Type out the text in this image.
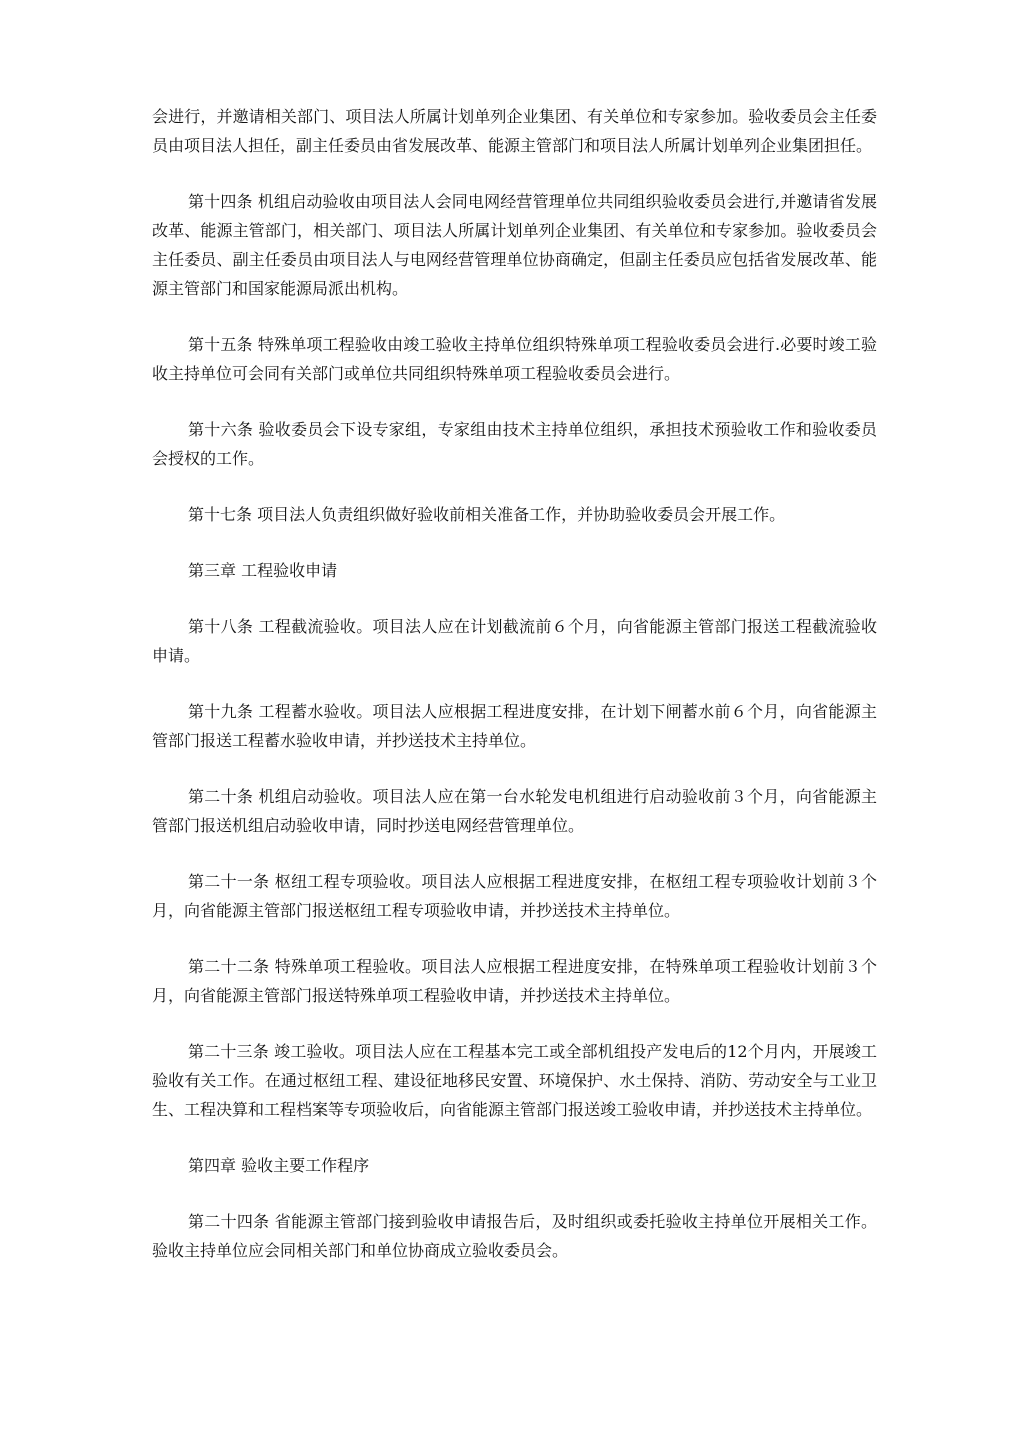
会进行，并邀请相关部门、项目法人所属计划单列企业集团、有关单位和专家参加。验收委员会主任委员由项目法人担任，副主任委员由省发展改革、能源主管部门和项目法人所属计划单列企业集团担任。

第十四条 机组启动验收由项目法人会同电网经营管理单位共同组织验收委员会进行,并邀请省发展改革、能源主管部门，相关部门、项目法人所属计划单列企业集团、有关单位和专家参加。验收委员会主任委员、副主任委员由项目法人与电网经营管理单位协商确定，但副主任委员应包括省发展改革、能源主管部门和国家能源局派出机构。

第十五条 特殊单项工程验收由竣工验收主持单位组织特殊单项工程验收委员会进行.必要时竣工验收主持单位可会同有关部门或单位共同组织特殊单项工程验收委员会进行。

第十六条 验收委员会下设专家组，专家组由技术主持单位组织，承担技术预验收工作和验收委员会授权的工作。

第十七条 项目法人负责组织做好验收前相关准备工作，并协助验收委员会开展工作。

第三章 工程验收申请

第十八条 工程截流验收。项目法人应在计划截流前６个月，向省能源主管部门报送工程截流验收申请。

第十九条 工程蓄水验收。项目法人应根据工程进度安排，在计划下闸蓄水前６个月，向省能源主管部门报送工程蓄水验收申请，并抄送技术主持单位。

第二十条 机组启动验收。项目法人应在第一台水轮发电机组进行启动验收前３个月，向省能源主管部门报送机组启动验收申请，同时抄送电网经营管理单位。

第二十一条 枢纽工程专项验收。项目法人应根据工程进度安排，在枢纽工程专项验收计划前３个月，向省能源主管部门报送枢纽工程专项验收申请，并抄送技术主持单位。

第二十二条 特殊单项工程验收。项目法人应根据工程进度安排，在特殊单项工程验收计划前３个月，向省能源主管部门报送特殊单项工程验收申请，并抄送技术主持单位。

第二十三条 竣工验收。项目法人应在工程基本完工或全部机组投产发电后的12个月内，开展竣工验收有关工作。在通过枢纽工程、建设征地移民安置、环境保护、水土保持、消防、劳动安全与工业卫生、工程决算和工程档案等专项验收后，向省能源主管部门报送竣工验收申请，并抄送技术主持单位。

第四章 验收主要工作程序

第二十四条 省能源主管部门接到验收申请报告后，及时组织或委托验收主持单位开展相关工作。验收主持单位应会同相关部门和单位协商成立验收委员会。
